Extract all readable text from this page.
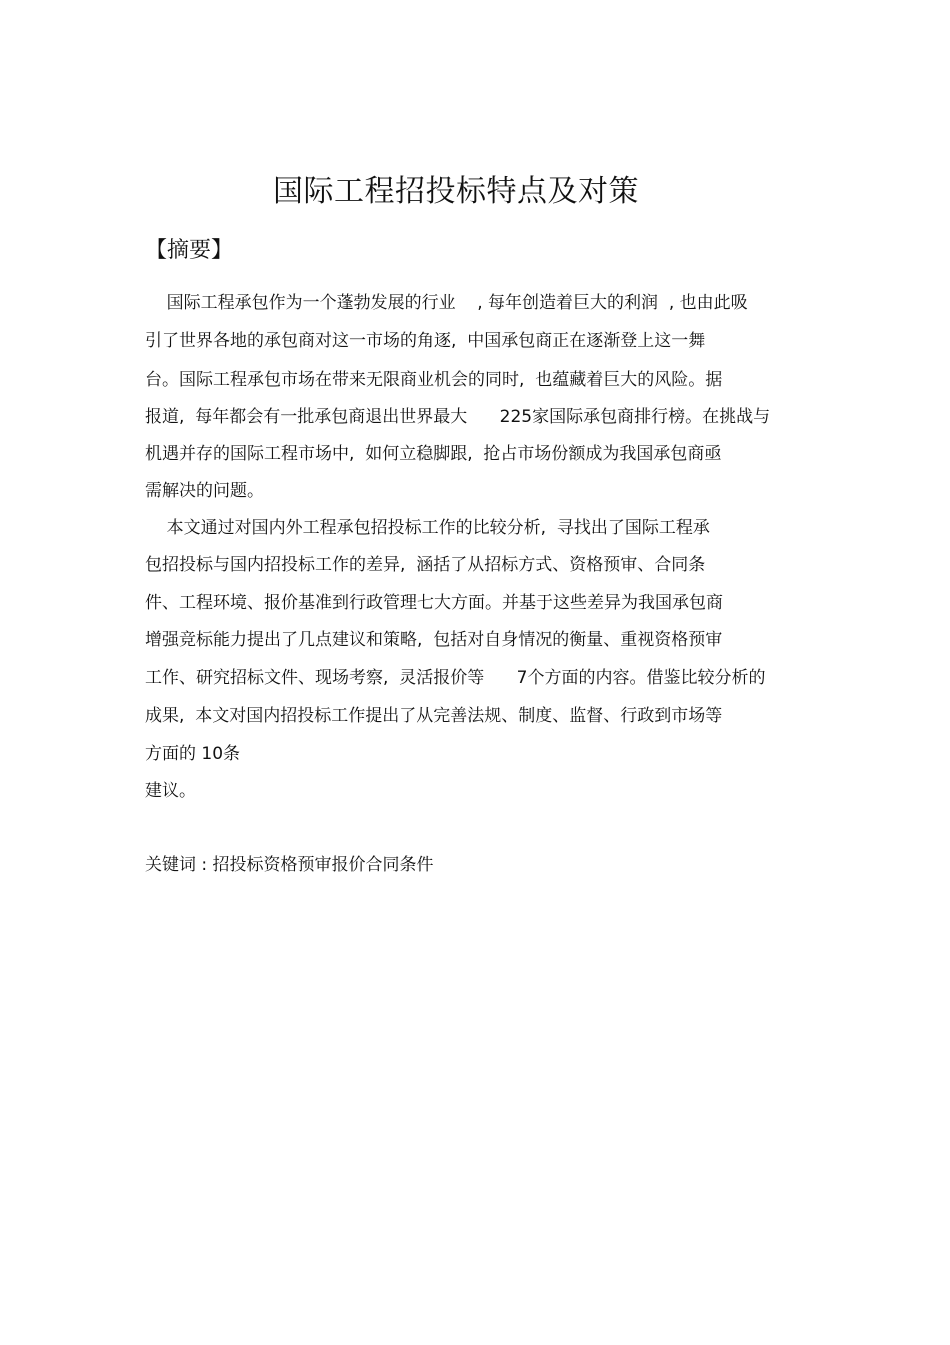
国际工程招投标特点及对策
【摘要】

国际工程承包作为一个蓬勃发展的行业    , 每年创造着巨大的利润  , 也由此吸

引了世界各地的承包商对这一市场的角逐,  中国承包商正在逐渐登上这一舞

台。国际工程承包市场在带来无限商业机会的同时,  也蕴藏着巨大的风险。据

报道,  每年都会有一批承包商退出世界最大      225家国际承包商排行榜。在挑战与

机遇并存的国际工程市场中,  如何立稳脚跟,  抢占市场份额成为我国承包商亟

需解决的问题。

本文通过对国内外工程承包招投标工作的比较分析,  寻找出了国际工程承

包招投标与国内招投标工作的差异,  涵括了从招标方式、资格预审、合同条

件、工程环境、报价基准到行政管理七大方面。并基于这些差异为我国承包商

增强竞标能力提出了几点建议和策略,  包括对自身情况的衡量、重视资格预审

工作、研究招标文件、现场考察,  灵活报价等      7个方面的内容。借鉴比较分析的

成果,  本文对国内招投标工作提出了从完善法规、制度、监督、行政到市场等

方面的 10条

建议。

关键词 : 招投标资格预审报价合同条件
